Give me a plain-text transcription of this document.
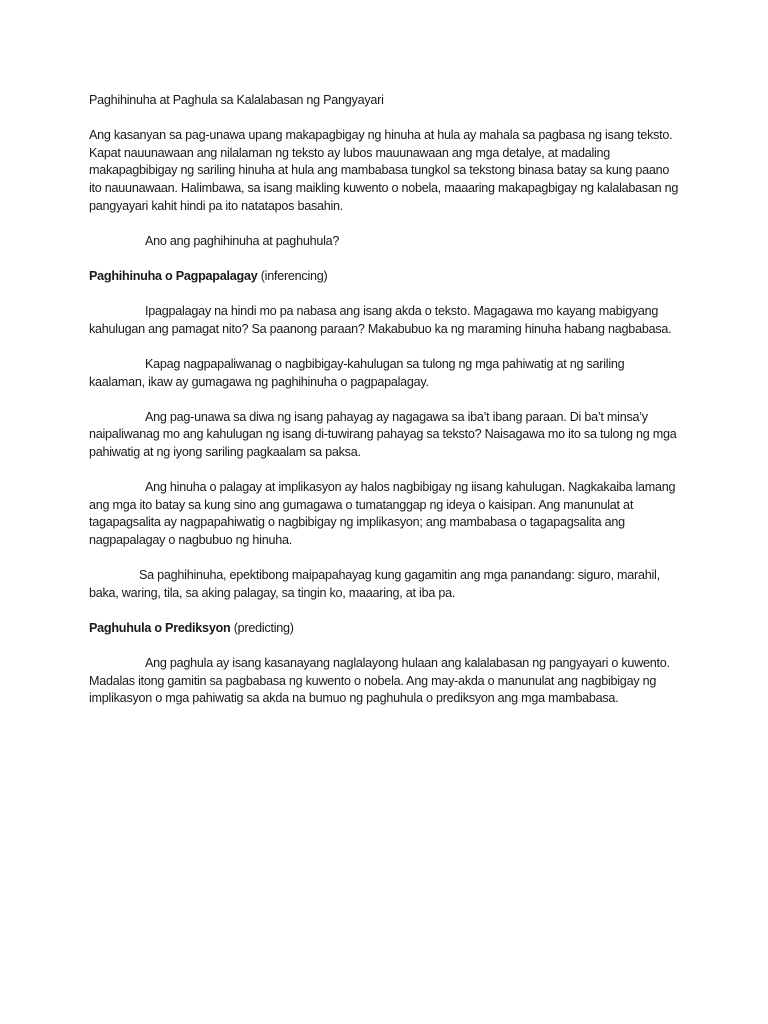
Paghihinuha at Paghula sa Kalalabasan ng Pangyayari

Ang kasanyan sa pag-unawa upang makapagbigay ng hinuha at hula ay mahala sa pagbasa ng isang teksto. Kapat nauunawaan ang nilalaman ng teksto ay lubos mauunawaan ang mga detalye, at madaling makapagbibigay ng sariling hinuha at hula ang mambabasa tungkol sa tekstong binasa batay sa kung paano ito nauunawaan. Halimbawa, sa isang maikling kuwento o nobela, maaaring makapagbigay ng kalalabasan ng pangyayari kahit hindi pa ito natatapos basahin.

Ano ang paghihinuha at paghuhula?

Paghihinuha o Pagpapalagay (inferencing)

Ipagpalagay na hindi mo pa nabasa ang isang akda o teksto. Magagawa mo kayang mabigyang kahulugan ang pamagat nito? Sa paanong paraan? Makabubuo ka ng maraming hinuha habang nagbabasa.

Kapag nagpapaliwanag o nagbibigay-kahulugan sa tulong ng mga pahiwatig at ng sariling kaalaman, ikaw ay gumagawa ng paghihinuha o pagpapalagay.

Ang pag-unawa sa diwa ng isang pahayag ay nagagawa sa iba’t ibang paraan. Di ba’t minsa’y naipaliwanag mo ang kahulugan ng isang di-tuwirang pahayag sa teksto? Naisagawa mo ito sa tulong ng mga pahiwatig at ng iyong sariling pagkaalam sa paksa.

Ang hinuha o palagay at implikasyon ay halos nagbibigay ng iisang kahulugan. Nagkakaiba lamang ang mga ito batay sa kung sino ang gumagawa o tumatanggap ng ideya o kaisipan. Ang manunulat at tagapagsalita ay nagpapahiwatig o nagbibigay ng implikasyon; ang mambabasa o tagapagsalita ang nagpapalagay o nagbubuo ng hinuha.

Sa paghihinuha, epektibong maipapahayag kung gagamitin ang mga panandang: siguro, marahil, baka, waring, tila, sa aking palagay, sa tingin ko, maaaring, at iba pa.

Paghuhula o Prediksyon (predicting)

Ang paghula ay isang kasanayang naglalayong hulaan ang kalalabasan ng pangyayari o kuwento. Madalas itong gamitin sa pagbabasa ng kuwento o nobela. Ang may-akda o manunulat ang nagbibigay ng implikasyon o mga pahiwatig sa akda na bumuo ng paghuhula o prediksyon ang mga mambabasa.
